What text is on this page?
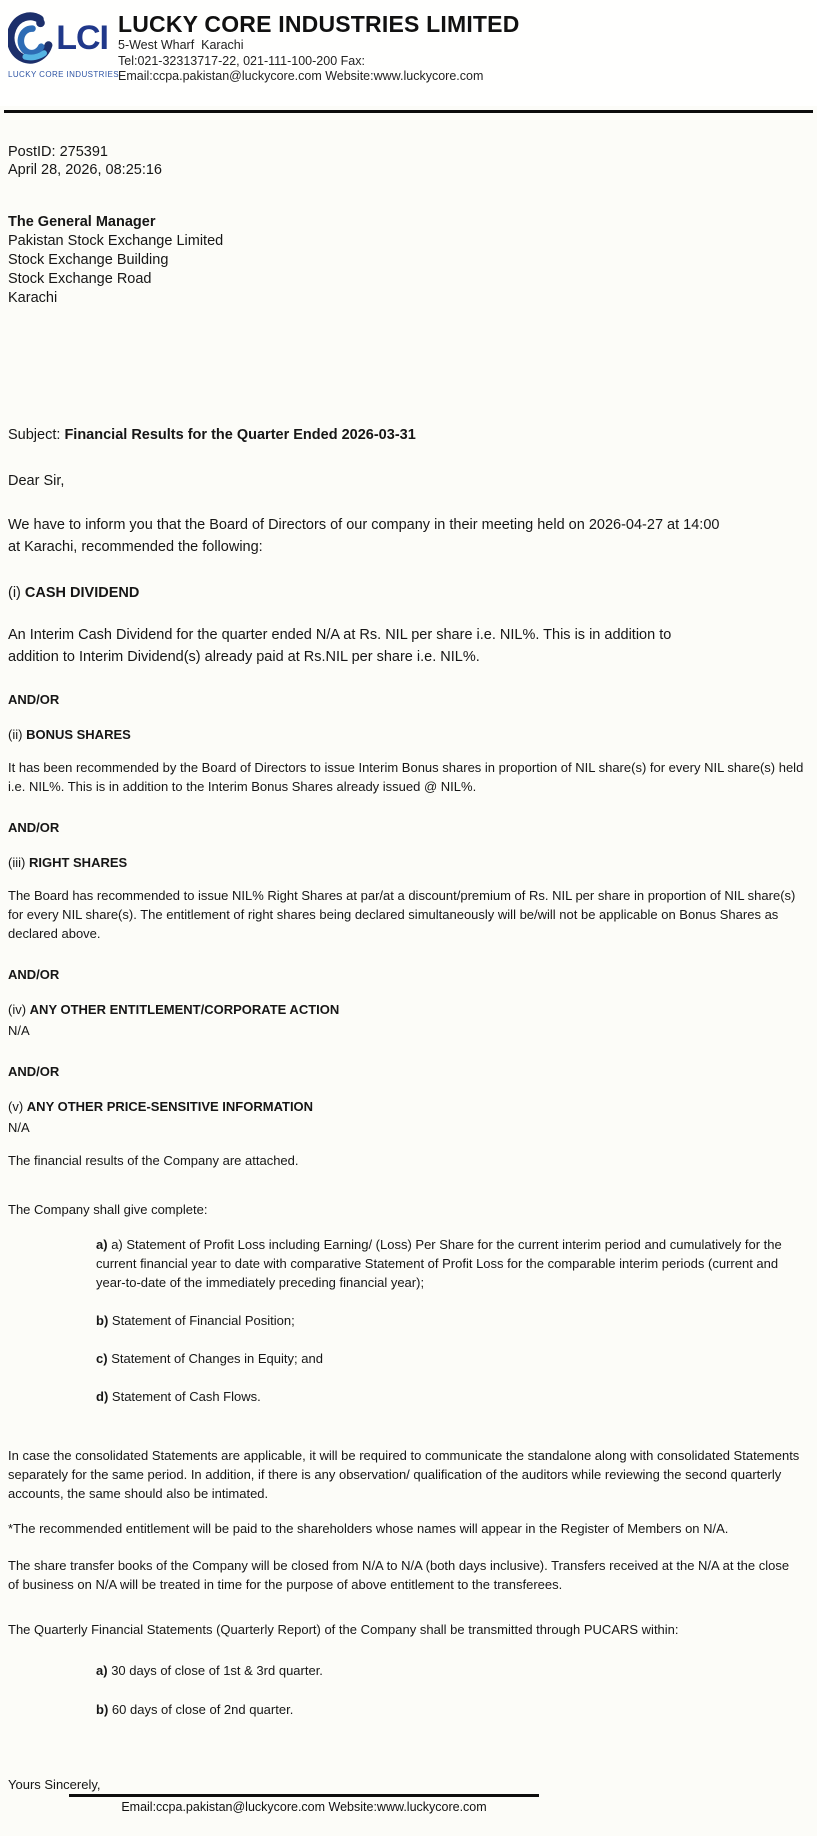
LCI
LUCKY CORE INDUSTRIES
LUCKY CORE INDUSTRIES LIMITED
5-West Wharf  Karachi
Tel:021-32313717-22, 021-111-100-200 Fax:
Email:ccpa.pakistan@luckycore.com Website:www.luckycore.com
PostID: 275391
April 28, 2026, 08:25:16
The General Manager
Pakistan Stock Exchange Limited
Stock Exchange Building
Stock Exchange Road
Karachi
Subject: Financial Results for the Quarter Ended 2026-03-31

Dear Sir,

We have to inform you that the Board of Directors of our company in their meeting held on 2026-04-27 at 14:00 at Karachi, recommended the following:

(i) CASH DIVIDEND

An Interim Cash Dividend for the quarter ended N/A at Rs. NIL per share i.e. NIL%. This is in addition to addition to Interim Dividend(s) already paid at Rs.NIL per share i.e. NIL%.

AND/OR

(ii) BONUS SHARES

It has been recommended by the Board of Directors to issue Interim Bonus shares in proportion of NIL share(s) for every NIL share(s) held i.e. NIL%. This is in addition to the Interim Bonus Shares already issued @ NIL%.

AND/OR

(iii) RIGHT SHARES

The Board has recommended to issue NIL% Right Shares at par/at a discount/premium of Rs. NIL per share in proportion of NIL share(s) for every NIL share(s). The entitlement of right shares being declared simultaneously will be/will not be applicable on Bonus Shares as declared above.

AND/OR

(iv) ANY OTHER ENTITLEMENT/CORPORATE ACTION

N/A

AND/OR

(v) ANY OTHER PRICE-SENSITIVE INFORMATION

N/A

The financial results of the Company are attached.

The Company shall give complete:

a) a) Statement of Profit Loss including Earning/ (Loss) Per Share for the current interim period and cumulatively for the current financial year to date with comparative Statement of Profit Loss for the comparable interim periods (current and year-to-date of the immediately preceding financial year);

b) Statement of Financial Position;

c) Statement of Changes in Equity; and

d) Statement of Cash Flows.

In case the consolidated Statements are applicable, it will be required to communicate the standalone along with consolidated Statements separately for the same period. In addition, if there is any observation/ qualification of the auditors while reviewing the second quarterly accounts, the same should also be intimated.

*The recommended entitlement will be paid to the shareholders whose names will appear in the Register of Members on N/A.

The share transfer books of the Company will be closed from N/A to N/A (both days inclusive). Transfers received at the N/A at the close
of business on N/A will be treated in time for the purpose of above entitlement to the transferees.

The Quarterly Financial Statements (Quarterly Report) of the Company shall be transmitted through PUCARS within:

a) 30 days of close of 1st & 3rd quarter.

b) 60 days of close of 2nd quarter.

Yours Sincerely,

Email:ccpa.pakistan@luckycore.com Website:www.luckycore.com
